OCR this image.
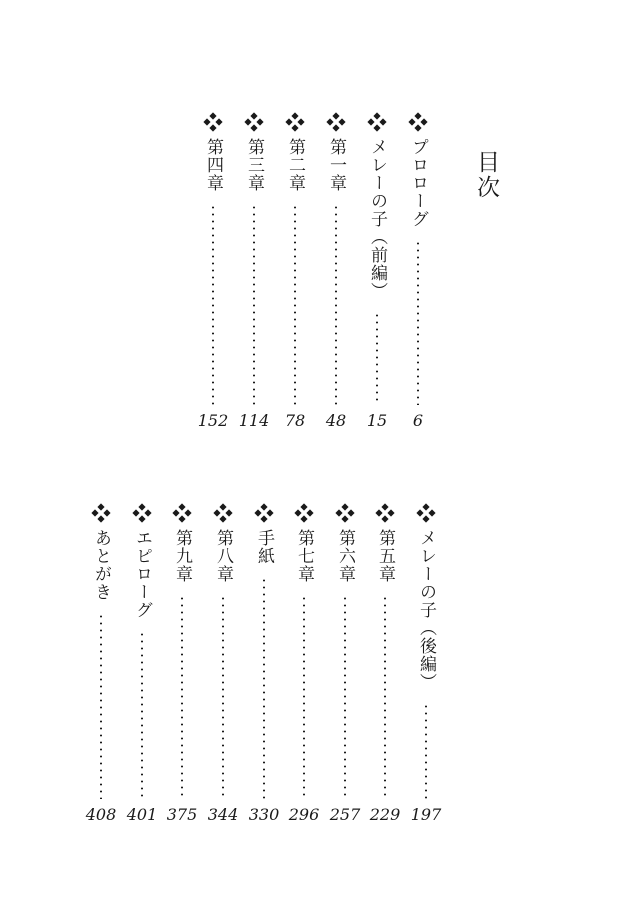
目次
プロローグ
6
メレーの子（前編）
15
第一章
48
第二章
78
第三章
114
第四章
152
メレーの子（後編）
197
第五章
229
第六章
257
第七章
296
手紙
330
第八章
344
第九章
375
エピローグ
401
あとがき
408
